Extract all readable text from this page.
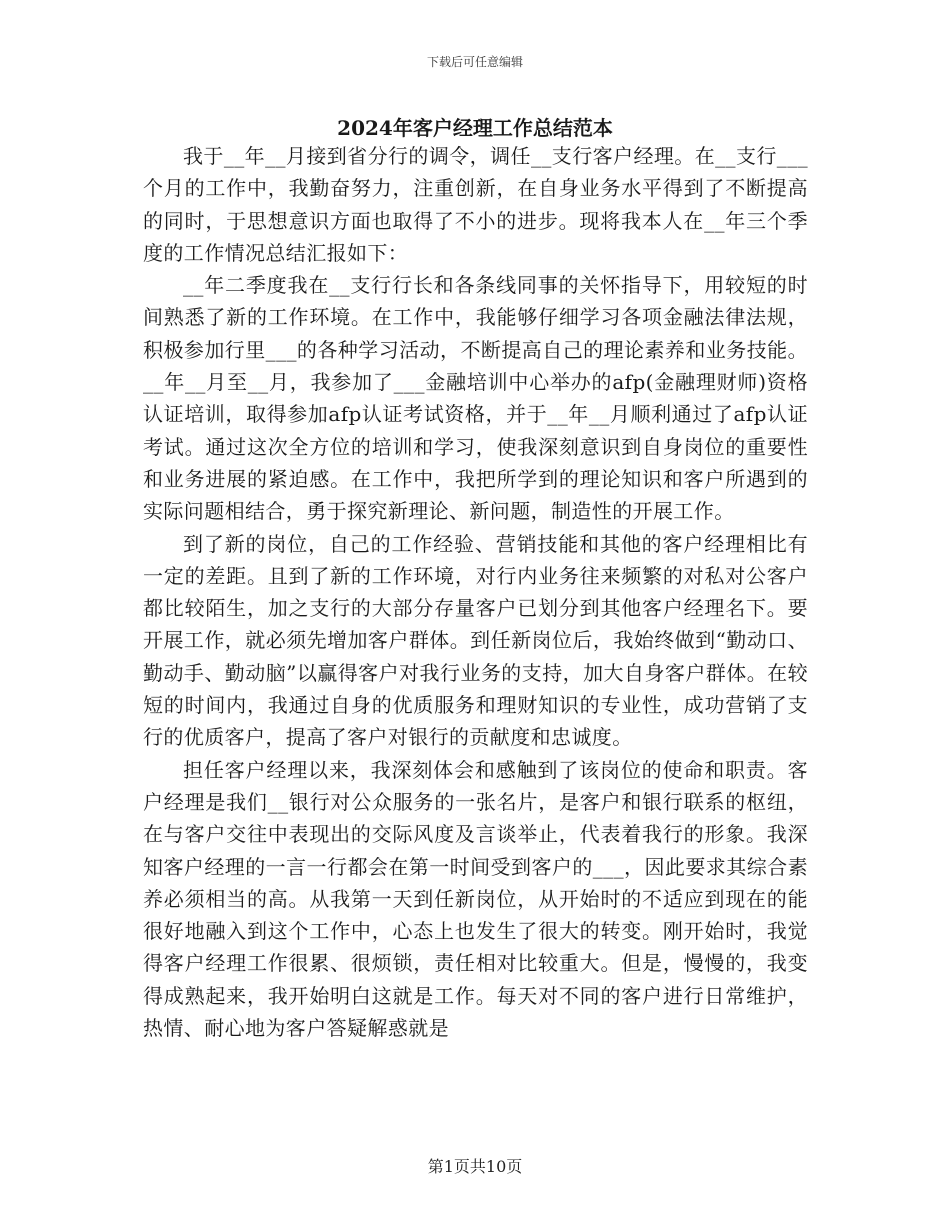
下载后可任意编辑
2024年客户经理工作总结范本

我于__年__月接到省分行的调令，调任__支行客户经理。在__支行___个月的工作中，我勤奋努力，注重创新，在自身业务水平得到了不断提高的同时，于思想意识方面也取得了不小的进步。现将我本人在__年三个季度的工作情况总结汇报如下：

__年二季度我在__支行行长和各条线同事的关怀指导下，用较短的时间熟悉了新的工作环境。在工作中，我能够仔细学习各项金融法律法规，积极参加行里___的各种学习活动，不断提高自己的理论素养和业务技能。__年__月至__月，我参加了___金融培训中心举办的afp(金融理财师)资格认证培训，取得参加afp认证考试资格，并于__年__月顺利通过了afp认证考试。通过这次全方位的培训和学习，使我深刻意识到自身岗位的重要性和业务进展的紧迫感。在工作中，我把所学到的理论知识和客户所遇到的实际问题相结合，勇于探究新理论、新问题，制造性的开展工作。

到了新的岗位，自己的工作经验、营销技能和其他的客户经理相比有一定的差距。且到了新的工作环境，对行内业务往来频繁的对私对公客户都比较陌生，加之支行的大部分存量客户已划分到其他客户经理名下。要开展工作，就必须先增加客户群体。到任新岗位后，我始终做到“勤动口、勤动手、勤动脑”以赢得客户对我行业务的支持，加大自身客户群体。在较短的时间内，我通过自身的优质服务和理财知识的专业性，成功营销了支行的优质客户，提高了客户对银行的贡献度和忠诚度。

担任客户经理以来，我深刻体会和感触到了该岗位的使命和职责。客户经理是我们__银行对公众服务的一张名片，是客户和银行联系的枢纽，在与客户交往中表现出的交际风度及言谈举止，代表着我行的形象。我深知客户经理的一言一行都会在第一时间受到客户的___，因此要求其综合素养必须相当的高。从我第一天到任新岗位，从开始时的不适应到现在的能很好地融入到这个工作中，心态上也发生了很大的转变。刚开始时，我觉得客户经理工作很累、很烦锁，责任相对比较重大。但是，慢慢的，我变得成熟起来，我开始明白这就是工作。每天对不同的客户进行日常维护，热情、耐心地为客户答疑解惑就是

第1页共10页
